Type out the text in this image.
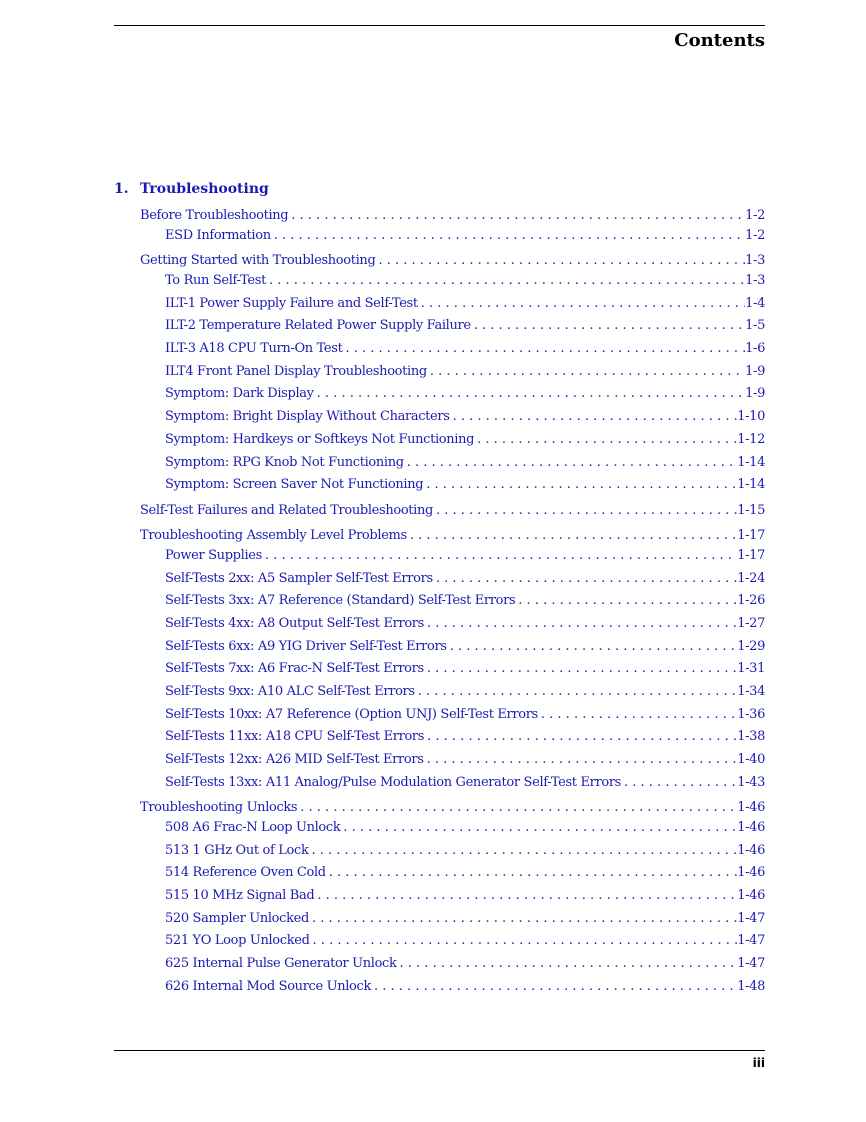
Contents
1. Troubleshooting
Before Troubleshooting . . .	1-2
ESD Information . . .	1-2
Getting Started with Troubleshooting . . .	1-3
To Run Self-Test . . .	1-3
ILT-1 Power Supply Failure and Self-Test . . .	1-4
ILT-2 Temperature Related Power Supply Failure . . .	1-5
ILT-3 A18 CPU Turn-On Test . . .	1-6
ILT4 Front Panel Display Troubleshooting . . .	1-9
Symptom: Dark Display . . .	1-9
Symptom: Bright Display Without Characters . . .	1-10
Symptom: Hardkeys or Softkeys Not Functioning . . .	1-12
Symptom: RPG Knob Not Functioning . . .	1-14
Symptom: Screen Saver Not Functioning . . .	1-14
Self-Test Failures and Related Troubleshooting . . .	1-15
Troubleshooting Assembly Level Problems . . .	1-17
Power Supplies . . .	1-17
Self-Tests 2xx: A5 Sampler Self-Test Errors . . .	1-24
Self-Tests 3xx: A7 Reference (Standard) Self-Test Errors . . .	1-26
Self-Tests 4xx: A8 Output Self-Test Errors . . .	1-27
Self-Tests 6xx: A9 YIG Driver Self-Test Errors . . .	1-29
Self-Tests 7xx: A6 Frac-N Self-Test Errors . . .	1-31
Self-Tests 9xx: A10 ALC Self-Test Errors . . .	1-34
Self-Tests 10xx: A7 Reference (Option UNJ) Self-Test Errors . . .	1-36
Self-Tests 11xx: A18 CPU Self-Test Errors . . .	1-38
Self-Tests 12xx: A26 MID Self-Test Errors . . .	1-40
Self-Tests 13xx: A11 Analog/Pulse Modulation Generator Self-Test Errors . . .	1-43
Troubleshooting Unlocks . . .	1-46
508 A6 Frac-N Loop Unlock . . .	1-46
513 1 GHz Out of Lock . . .	1-46
514 Reference Oven Cold . . .	1-46
515 10 MHz Signal Bad . . .	1-46
520 Sampler Unlocked . . .	1-47
521 YO Loop Unlocked . . .	1-47
625 Internal Pulse Generator Unlock . . .	1-47
626 Internal Mod Source Unlock . . .	1-48
iii
